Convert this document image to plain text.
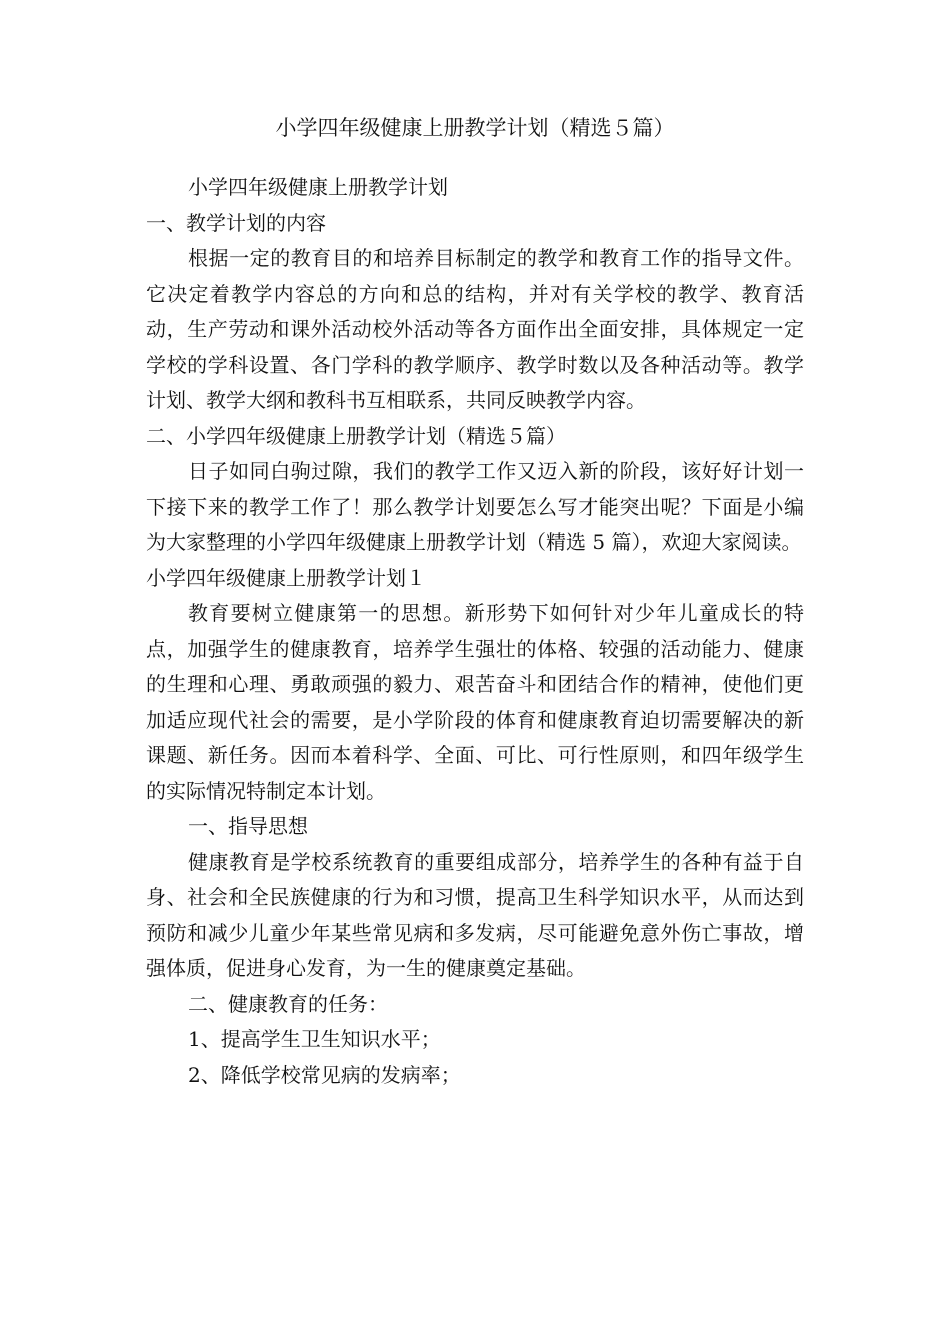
小学四年级健康上册教学计划（精选５篇）

小学四年级健康上册教学计划

一、教学计划的内容

根据一定的教育目的和培养目标制定的教学和教育工作的指导文件。它决定着教学内容总的方向和总的结构，并对有关学校的教学、教育活动，生产劳动和课外活动校外活动等各方面作出全面安排，具体规定一定学校的学科设置、各门学科的教学顺序、教学时数以及各种活动等。教学计划、教学大纲和教科书互相联系，共同反映教学内容。

二、小学四年级健康上册教学计划（精选５篇）

日子如同白驹过隙，我们的教学工作又迈入新的阶段，该好好计划一下接下来的教学工作了！那么教学计划要怎么写才能突出呢？下面是小编为大家整理的小学四年级健康上册教学计划（精选 5 篇），欢迎大家阅读。

小学四年级健康上册教学计划１

教育要树立健康第一的思想。新形势下如何针对少年儿童成长的特点，加强学生的健康教育，培养学生强壮的体格、较强的活动能力、健康的生理和心理、勇敢顽强的毅力、艰苦奋斗和团结合作的精神，使他们更加适应现代社会的需要，是小学阶段的体育和健康教育迫切需要解决的新课题、新任务。因而本着科学、全面、可比、可行性原则，和四年级学生的实际情况特制定本计划。

一、指导思想

健康教育是学校系统教育的重要组成部分，培养学生的各种有益于自身、社会和全民族健康的行为和习惯，提高卫生科学知识水平，从而达到预防和减少儿童少年某些常见病和多发病，尽可能避免意外伤亡事故，增强体质，促进身心发育，为一生的健康奠定基础。

二、健康教育的任务：

1、提高学生卫生知识水平；

2、降低学校常见病的发病率；
